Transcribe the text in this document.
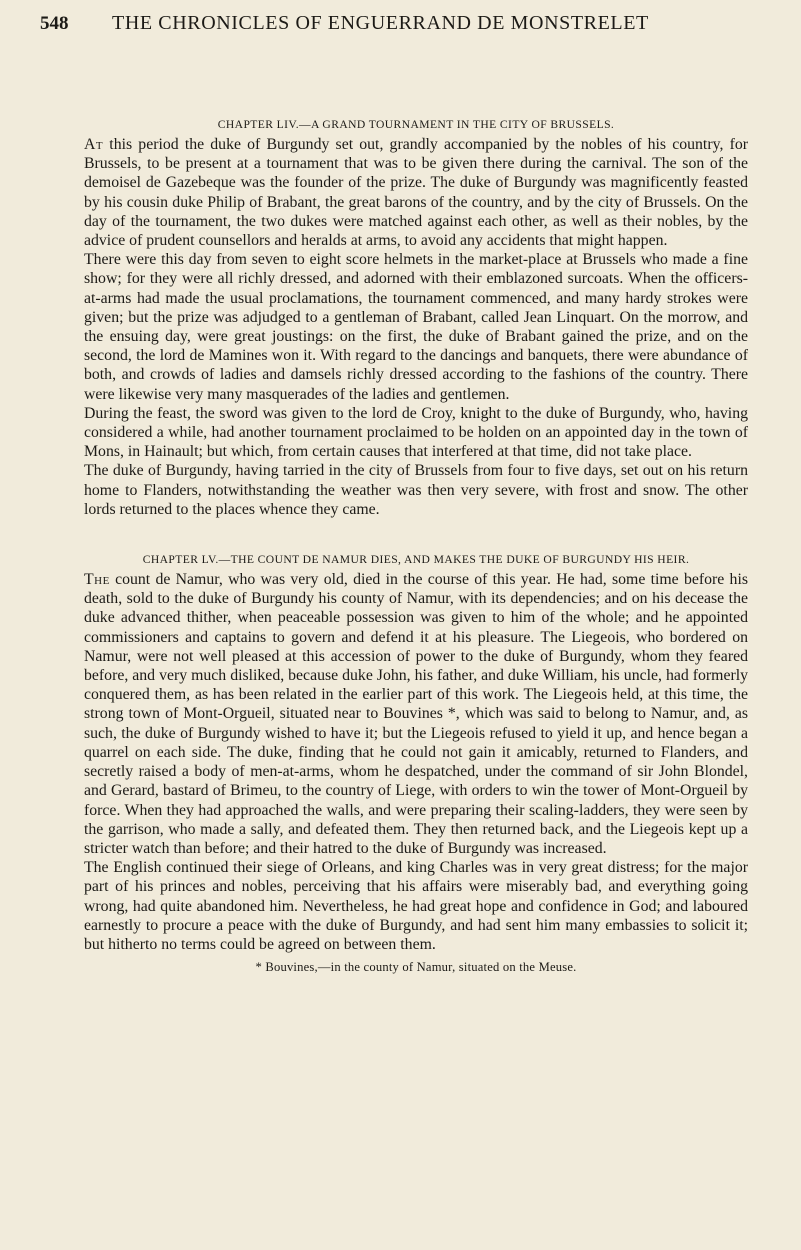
548	THE CHRONICLES OF ENGUERRAND DE MONSTRELET
CHAPTER LIV.—A GRAND TOURNAMENT IN THE CITY OF BRUSSELS.

At this period the duke of Burgundy set out, grandly accompanied by the nobles of his country, for Brussels, to be present at a tournament that was to be given there during the carnival. The son of the demoisel de Gazebeque was the founder of the prize. The duke of Burgundy was magnificently feasted by his cousin duke Philip of Brabant, the great barons of the country, and by the city of Brussels. On the day of the tournament, the two dukes were matched against each other, as well as their nobles, by the advice of prudent counsellors and heralds at arms, to avoid any accidents that might happen.

There were this day from seven to eight score helmets in the market-place at Brussels who made a fine show; for they were all richly dressed, and adorned with their emblazoned surcoats. When the officers-at-arms had made the usual proclamations, the tournament commenced, and many hardy strokes were given; but the prize was adjudged to a gentleman of Brabant, called Jean Linquart. On the morrow, and the ensuing day, were great joustings: on the first, the duke of Brabant gained the prize, and on the second, the lord de Mamines won it. With regard to the dancings and banquets, there were abundance of both, and crowds of ladies and damsels richly dressed according to the fashions of the country. There were likewise very many masquerades of the ladies and gentlemen.

During the feast, the sword was given to the lord de Croy, knight to the duke of Burgundy, who, having considered a while, had another tournament proclaimed to be holden on an appointed day in the town of Mons, in Hainault; but which, from certain causes that interfered at that time, did not take place.

The duke of Burgundy, having tarried in the city of Brussels from four to five days, set out on his return home to Flanders, notwithstanding the weather was then very severe, with frost and snow. The other lords returned to the places whence they came.

CHAPTER LV.—THE COUNT DE NAMUR DIES, AND MAKES THE DUKE OF BURGUNDY HIS HEIR.

The count de Namur, who was very old, died in the course of this year. He had, some time before his death, sold to the duke of Burgundy his county of Namur, with its dependencies; and on his decease the duke advanced thither, when peaceable possession was given to him of the whole; and he appointed commissioners and captains to govern and defend it at his pleasure. The Liegeois, who bordered on Namur, were not well pleased at this accession of power to the duke of Burgundy, whom they feared before, and very much disliked, because duke John, his father, and duke William, his uncle, had formerly conquered them, as has been related in the earlier part of this work. The Liegeois held, at this time, the strong town of Mont-Orgueil, situated near to Bouvines *, which was said to belong to Namur, and, as such, the duke of Burgundy wished to have it; but the Liegeois refused to yield it up, and hence began a quarrel on each side. The duke, finding that he could not gain it amicably, returned to Flanders, and secretly raised a body of men-at-arms, whom he despatched, under the command of sir John Blondel, and Gerard, bastard of Brimeu, to the country of Liege, with orders to win the tower of Mont-Orgueil by force. When they had approached the walls, and were preparing their scaling-ladders, they were seen by the garrison, who made a sally, and defeated them. They then returned back, and the Liegeois kept up a stricter watch than before; and their hatred to the duke of Burgundy was increased.

The English continued their siege of Orleans, and king Charles was in very great distress; for the major part of his princes and nobles, perceiving that his affairs were miserably bad, and everything going wrong, had quite abandoned him. Nevertheless, he had great hope and confidence in God; and laboured earnestly to procure a peace with the duke of Burgundy, and had sent him many embassies to solicit it; but hitherto no terms could be agreed on between them.

* Bouvines,—in the county of Namur, situated on the Meuse.
